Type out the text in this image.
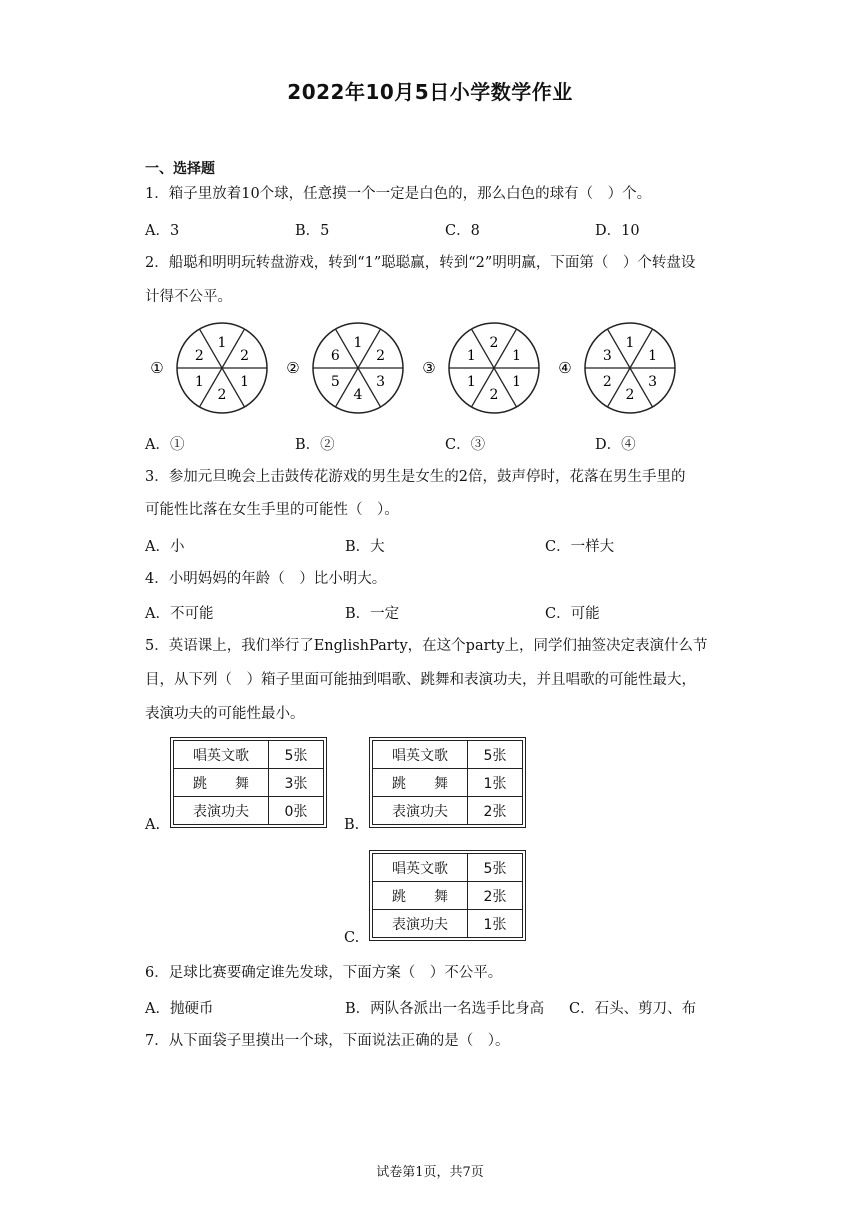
2022年10月5日小学数学作业
一、选择题
1．箱子里放着10个球，任意摸一个一定是白色的，那么白色的球有（　）个。
A．3	B．5	C．8	D．10
2．船聪和明明玩转盘游戏，转到“1”聪聪赢，转到“2”明明赢，下面第（　）个转盘设
计得不公平。
①
1
2
1
2
1
2
②
1
2
3
4
5
6
③
2
1
1
2
1
1
④
1
1
3
2
2
3
A．①	B．②	C．③	D．④
3．参加元旦晚会上击鼓传花游戏的男生是女生的2倍，鼓声停时，花落在男生手里的
可能性比落在女生手里的可能性（　）。
A．小	B．大	C．一样大
4．小明妈妈的年龄（　）比小明大。
A．不可能	B．一定	C．可能
5．英语课上，我们举行了EnglishParty，在这个party上，同学们抽签决定表演什么节
目，从下列（　）箱子里面可能抽到唱歌、跳舞和表演功夫，并且唱歌的可能性最大，
表演功夫的可能性最小。
A.
唱英文歌	5张
跳　　舞	3张
表演功夫	0张
B.
唱英文歌	5张
跳　　舞	1张
表演功夫	2张
C.
唱英文歌	5张
跳　　舞	2张
表演功夫	1张
6．足球比赛要确定谁先发球，下面方案（　）不公平。
A．抛硬币	B．两队各派出一名选手比身高 C．石头、剪刀、布
7．从下面袋子里摸出一个球，下面说法正确的是（　）。
试卷第1页，共7页
